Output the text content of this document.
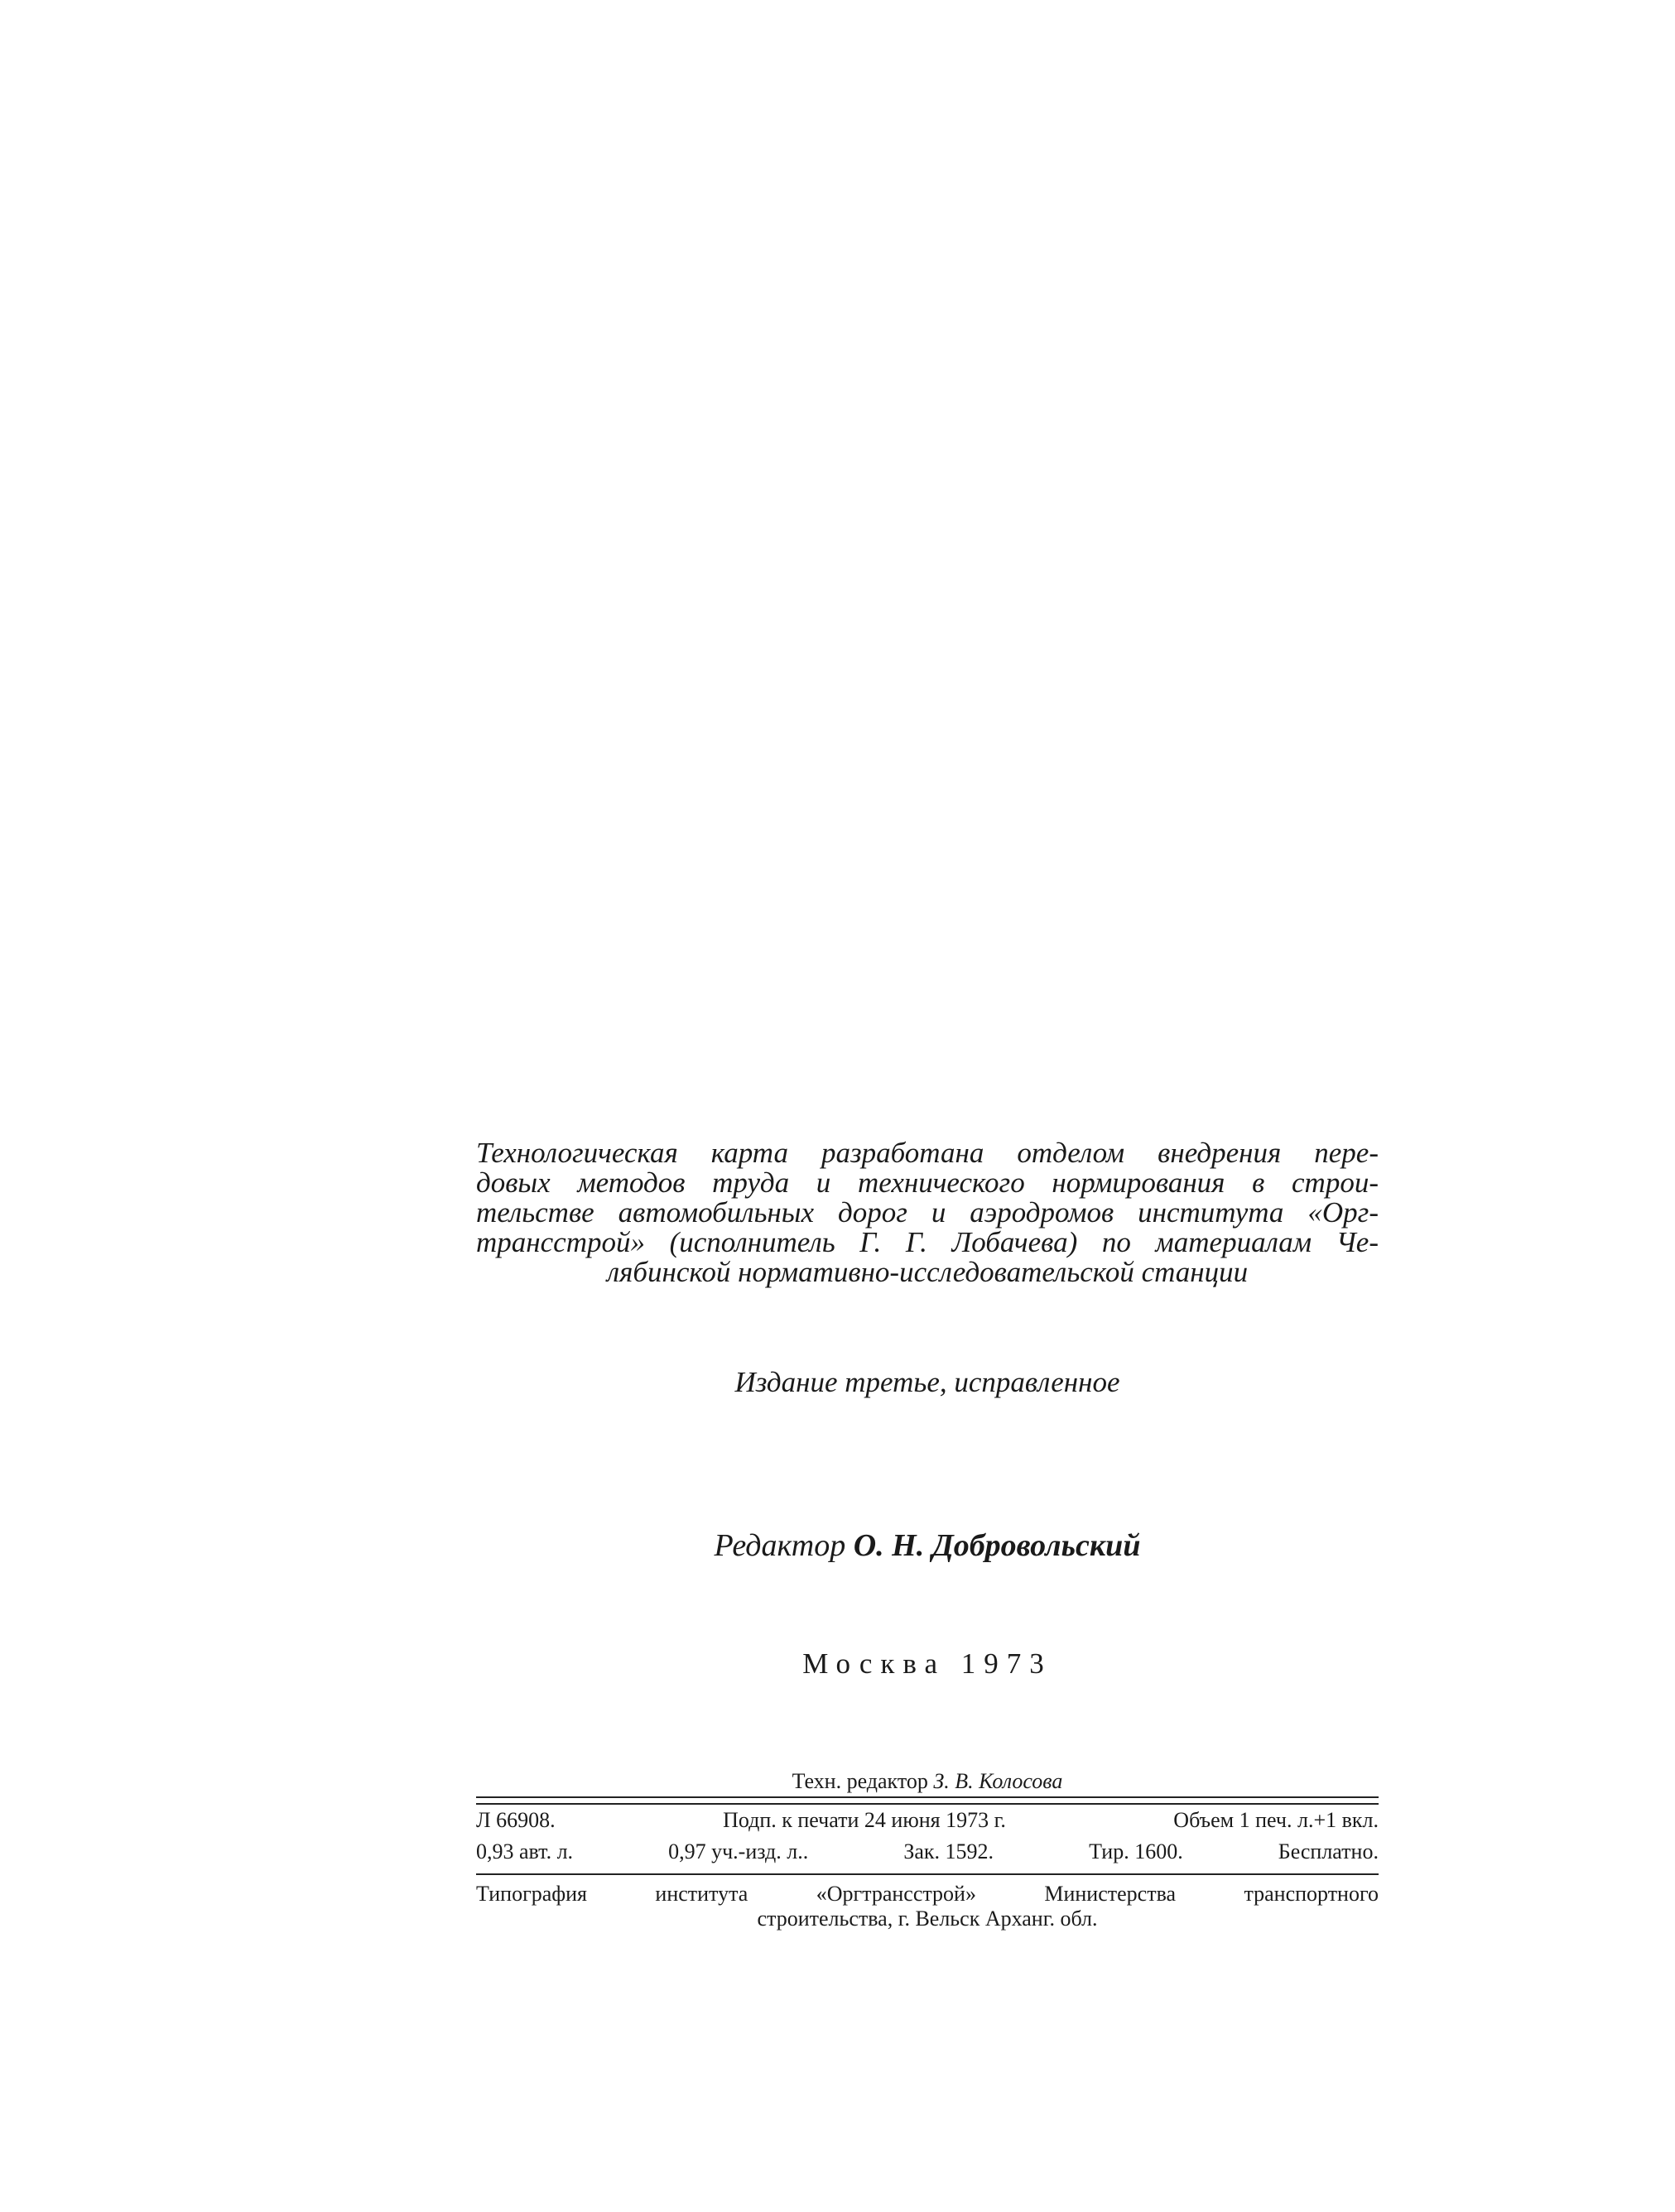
Технологическая карта разработана отделом внедрения пере-
довых методов труда и технического нормирования в строи-
тельстве автомобильных дорог и аэродромов института «Орг-
трансстрой» (исполнитель Г. Г. Лобачева) по материалам Че-
лябинской нормативно-исследовательской станции
Издание третье, исправленное
Редактор О. Н. Добровольский
Москва 1973
Техн. редактор З. В. Колосова
Л 66908.	Подп. к печати 24 июня 1973 г.	Объем 1 печ. л.+1 вкл.
0,93 авт. л.	0,97 уч.-изд. л..	Зак. 1592.	Тир. 1600.	Бесплатно.
Типография института «Оргтрансстрой» Министерства транспортного
строительства, г. Вельск Арханг. обл.
